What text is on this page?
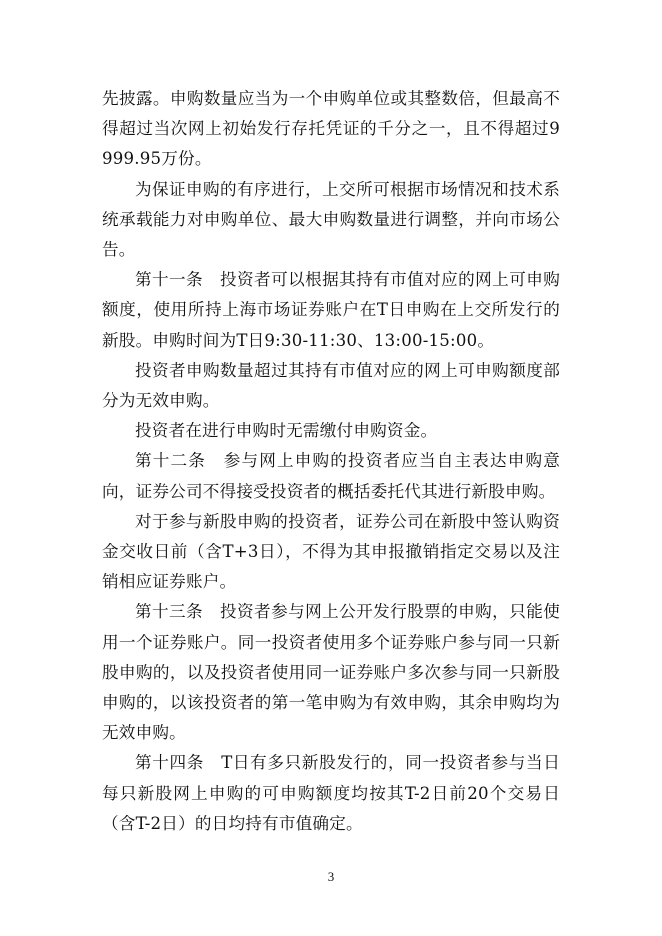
先披露。申购数量应当为一个申购单位或其整数倍，但最高不得超过当次网上初始发行存托凭证的千分之一，且不得超过9999.95万份。

为保证申购的有序进行，上交所可根据市场情况和技术系统承载能力对申购单位、最大申购数量进行调整，并向市场公告。

第十一条　投资者可以根据其持有市值对应的网上可申购额度，使用所持上海市场证券账户在T日申购在上交所发行的新股。申购时间为T日9:30-11:30、13:00-15:00。

投资者申购数量超过其持有市值对应的网上可申购额度部分为无效申购。

投资者在进行申购时无需缴付申购资金。

第十二条　参与网上申购的投资者应当自主表达申购意向，证券公司不得接受投资者的概括委托代其进行新股申购。

对于参与新股申购的投资者，证券公司在新股中签认购资金交收日前（含T+3日），不得为其申报撤销指定交易以及注销相应证券账户。

第十三条　投资者参与网上公开发行股票的申购，只能使用一个证券账户。同一投资者使用多个证券账户参与同一只新股申购的，以及投资者使用同一证券账户多次参与同一只新股申购的，以该投资者的第一笔申购为有效申购，其余申购均为无效申购。

第十四条　T日有多只新股发行的，同一投资者参与当日每只新股网上申购的可申购额度均按其T-2日前20个交易日（含T-2日）的日均持有市值确定。

3
